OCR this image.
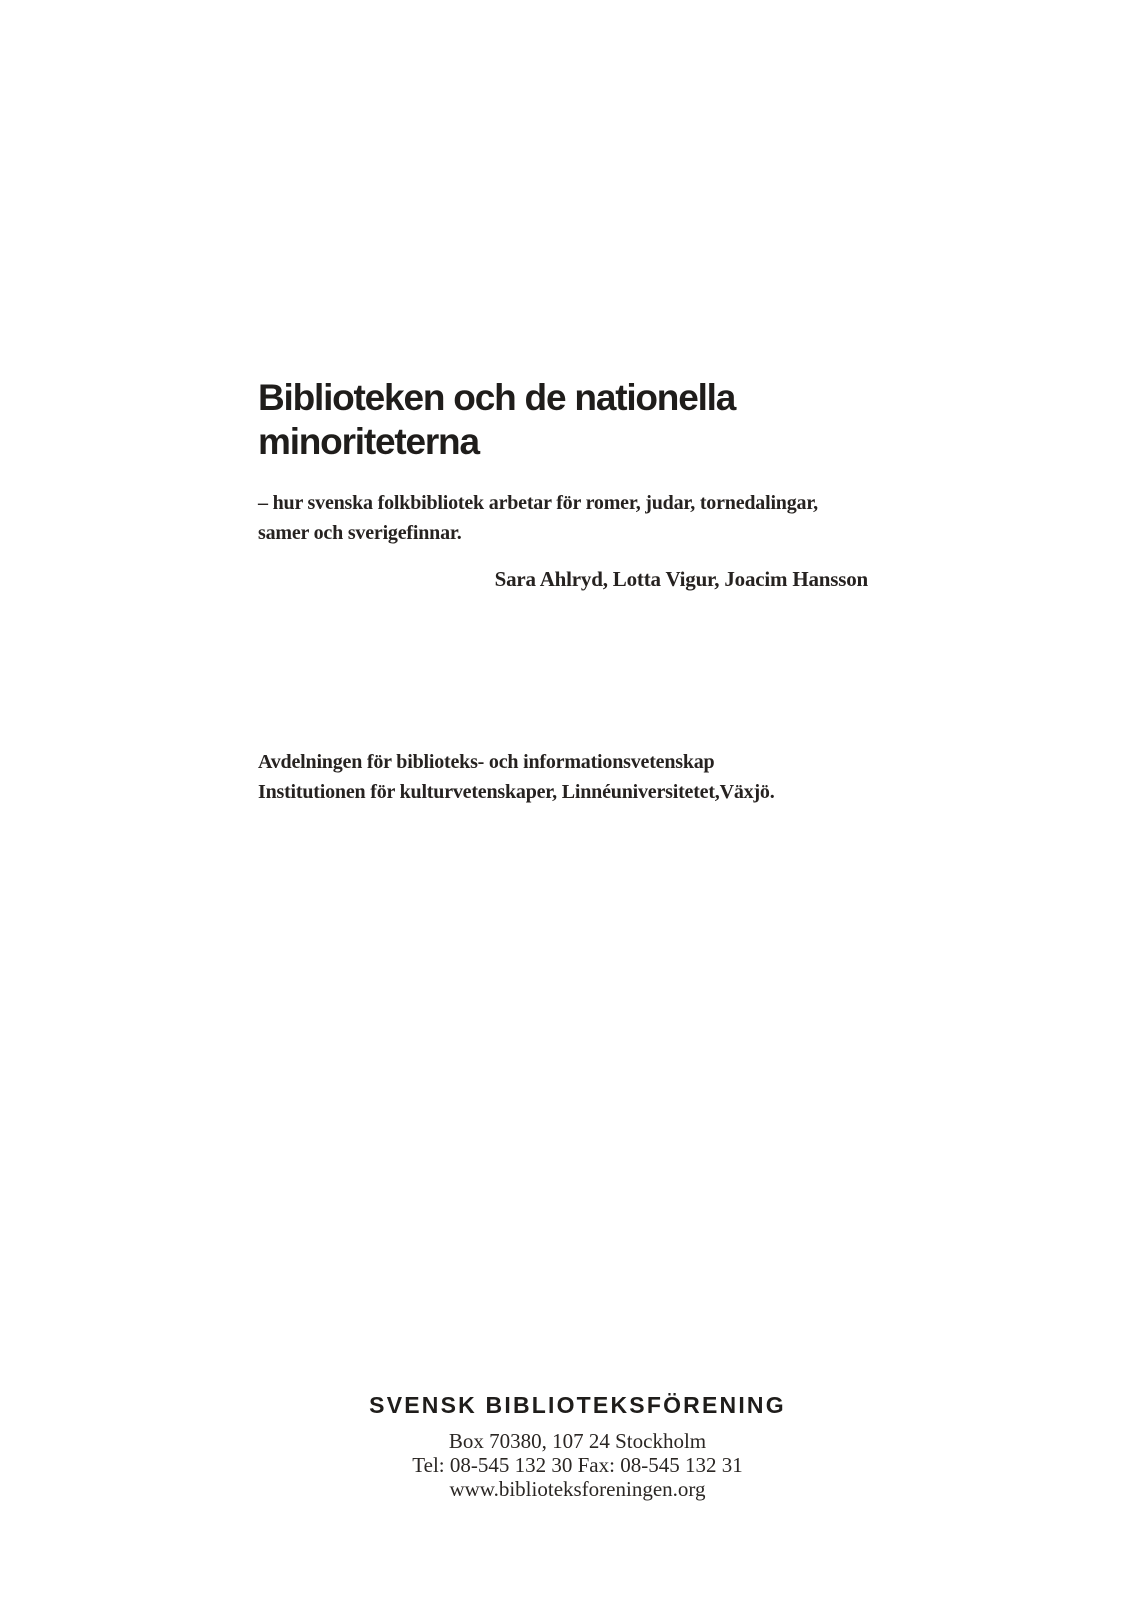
Biblioteken och de nationella
minoriteterna
– hur svenska folkbibliotek arbetar för romer, judar, tornedalingar,
samer och sverigefinnar.
Sara Ahlryd, Lotta Vigur, Joacim Hansson
Avdelningen för biblioteks- och informationsvetenskap
Institutionen för kulturvetenskaper, Linnéuniversitetet,Växjö.
SVENSK BIBLIOTEKSFÖRENING
Box 70380, 107 24 Stockholm
Tel: 08-545 132 30 Fax: 08-545 132 31
www.biblioteksforeningen.org
